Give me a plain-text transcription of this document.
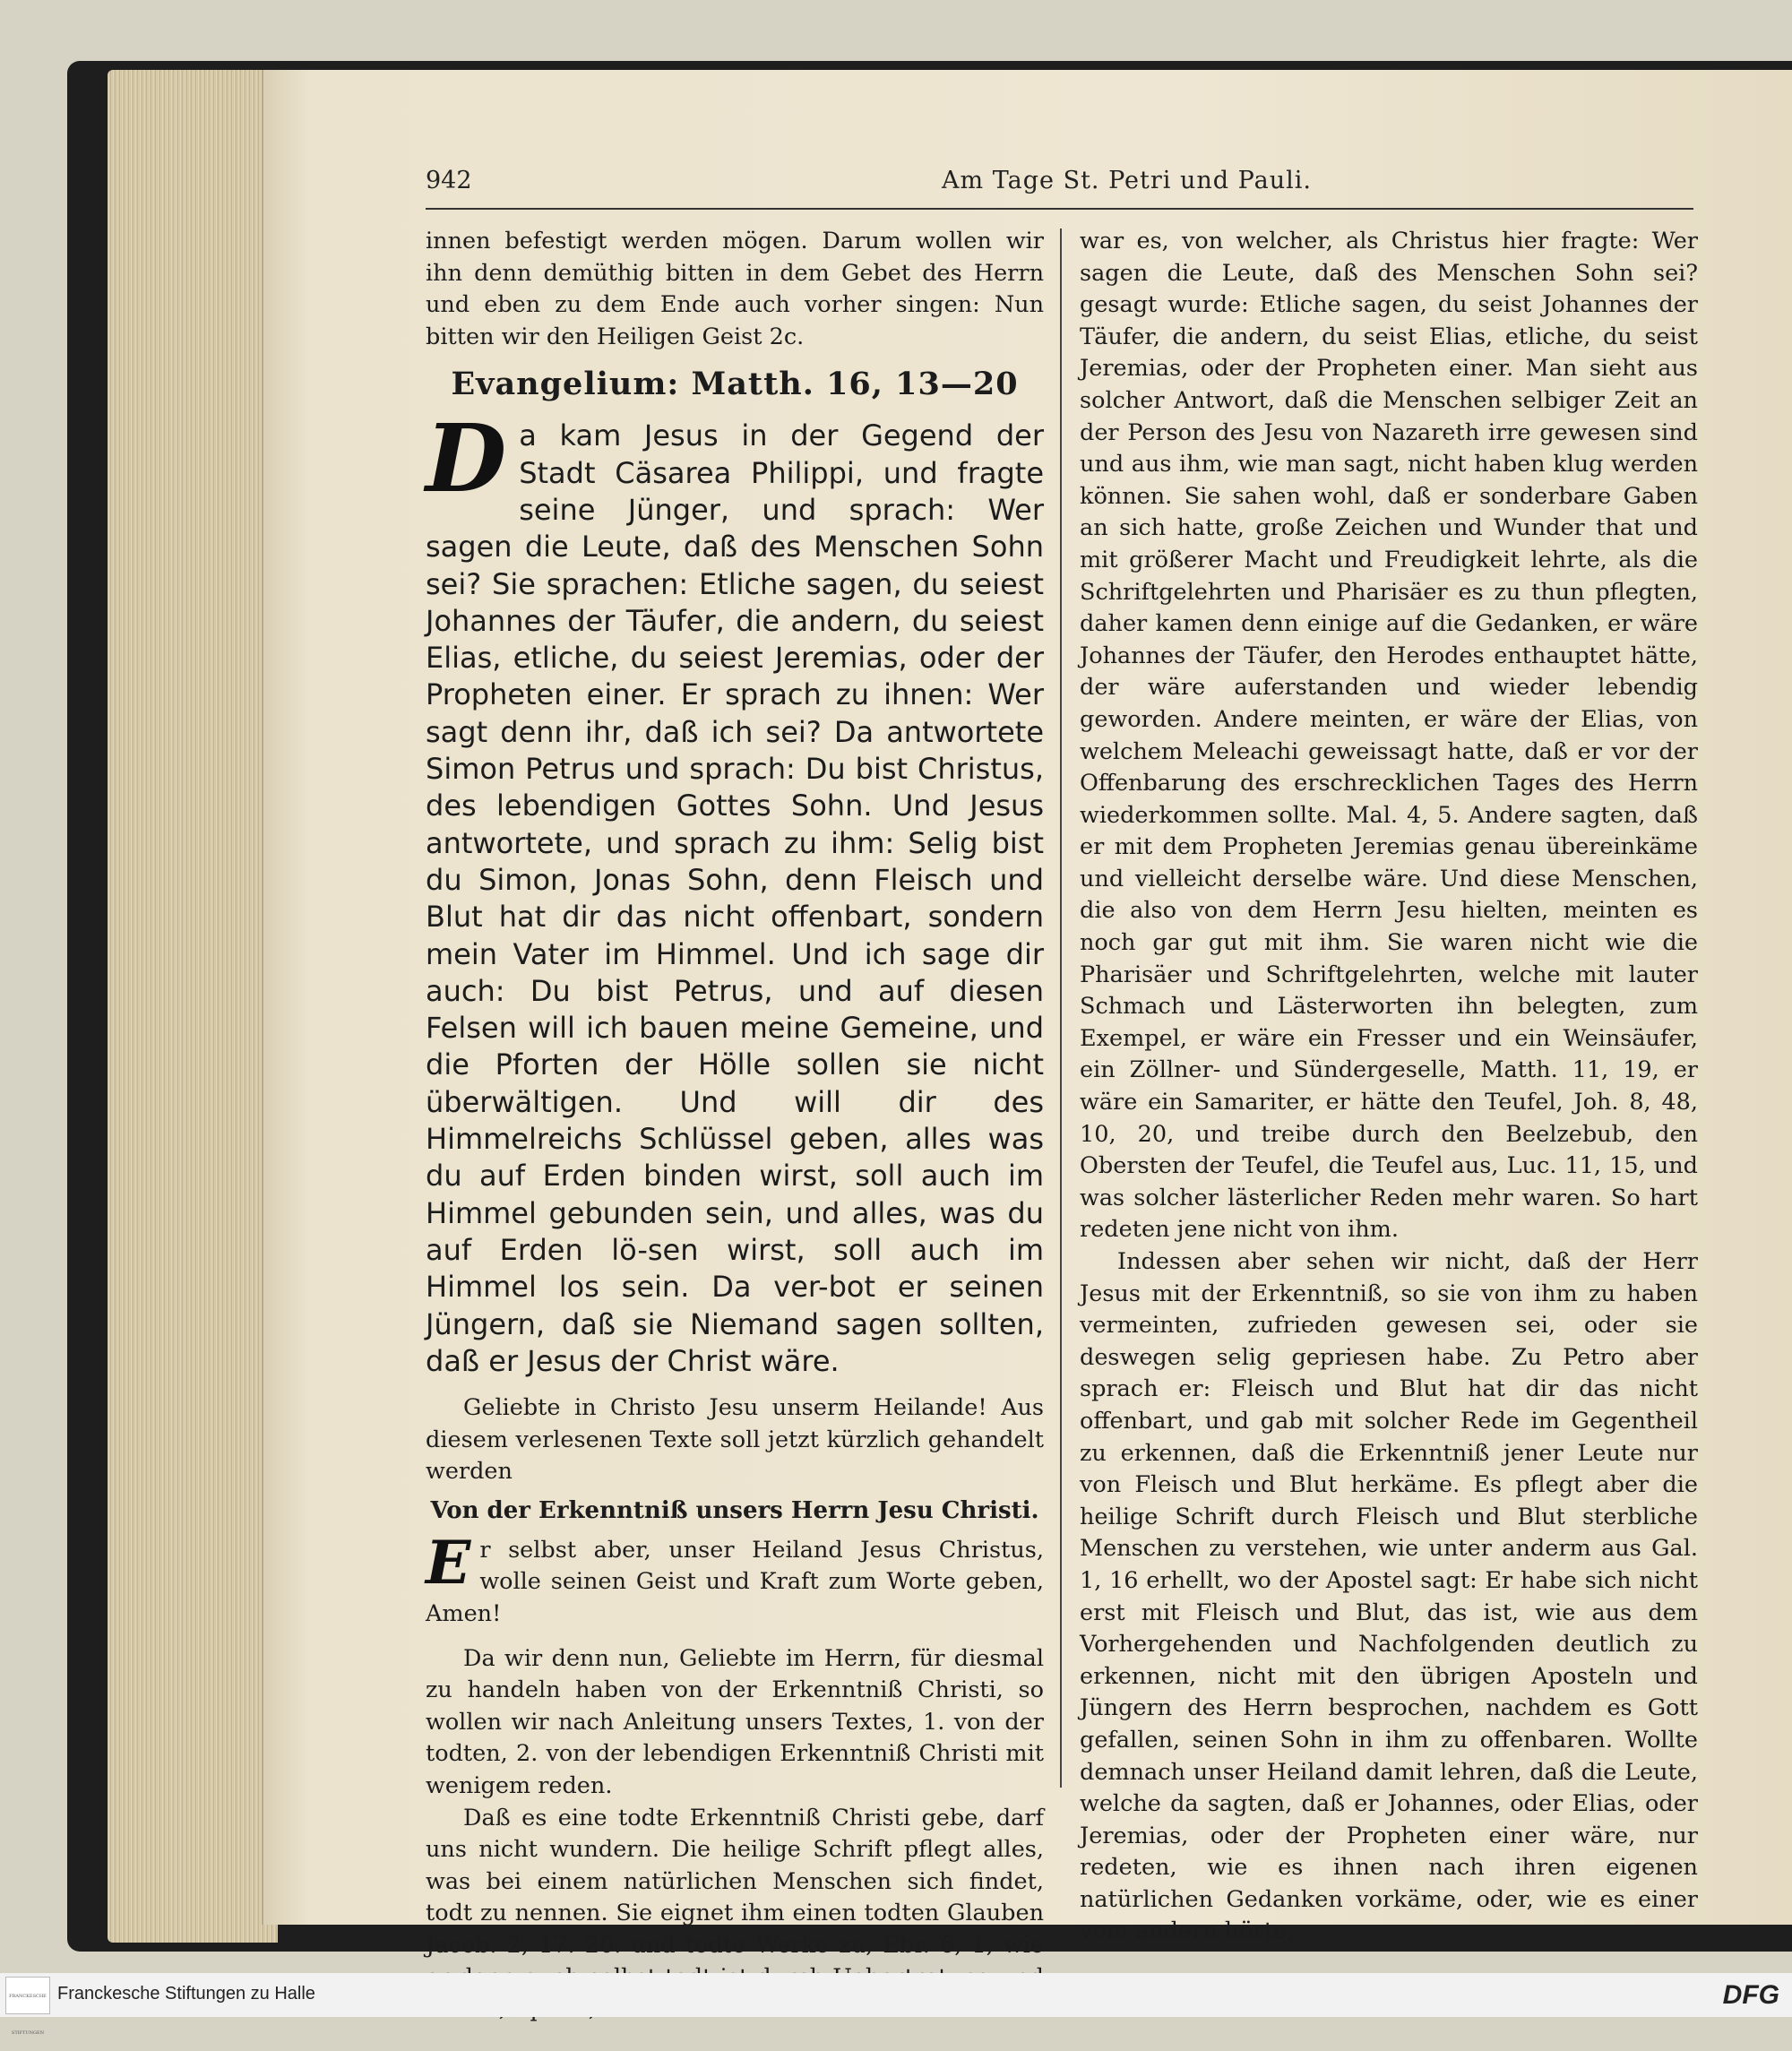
942	Am Tage St. Petri und Pauli.

innen befestigt werden mögen. Darum wollen wir ihn denn demüthig bitten in dem Gebet des Herrn und eben zu dem Ende auch vorher singen: Nun bitten wir den Heiligen Geist 2c.

Evangelium: Matth. 16, 13—20

Da kam Jesus in der Gegend der Stadt Cäsarea Philippi, und fragte seine Jünger, und sprach: Wer sagen die Leute, daß des Menschen Sohn sei? Sie sprachen: Etliche sagen, du seiest Johannes der Täufer, die andern, du seiest Elias, etliche, du seiest Jeremias, oder der Propheten einer. Er sprach zu ihnen: Wer sagt denn ihr, daß ich sei? Da antwortete Simon Petrus und sprach: Du bist Christus, des lebendigen Gottes Sohn. Und Jesus antwortete, und sprach zu ihm: Selig bist du Simon, Jonas Sohn, denn Fleisch und Blut hat dir das nicht offenbart, sondern mein Vater im Himmel. Und ich sage dir auch: Du bist Petrus, und auf diesen Felsen will ich bauen meine Gemeine, und die Pforten der Hölle sollen sie nicht überwältigen. Und will dir des Himmelreichs Schlüssel geben, alles was du auf Erden binden wirst, soll auch im Himmel gebunden sein, und alles, was du auf Erden lö-sen wirst, soll auch im Himmel los sein. Da ver-bot er seinen Jüngern, daß sie Niemand sagen sollten, daß er Jesus der Christ wäre.

Geliebte in Christo Jesu unserm Heilande! Aus diesem verlesenen Texte soll jetzt kürzlich gehandelt werden

Von der Erkenntniß unsers Herrn Jesu Christi.

Er selbst aber, unser Heiland Jesus Christus, wolle seinen Geist und Kraft zum Worte geben, Amen!

Da wir denn nun, Geliebte im Herrn, für diesmal zu handeln haben von der Erkenntniß Christi, so wollen wir nach Anleitung unsers Textes, 1. von der todten, 2. von der lebendigen Erkenntniß Christi mit wenigem reden.

Daß es eine todte Erkenntniß Christi gebe, darf uns nicht wundern. Die heilige Schrift pflegt alles, was bei einem natürlichen Menschen sich findet, todt zu nennen. Sie eignet ihm einen todten Glauben Jacob. 2, 17. 20. und todte Werke zu, Ebr. 6, 1, wie

war es, von welcher, als Christus hier fragte: Wer sagen die Leute, daß des Menschen Sohn sei? gesagt wurde: Etliche sagen, du seist Johannes der Täufer, die andern, du seist Elias, etliche, du seist Jeremias, oder der Propheten einer. Man sieht aus solcher Antwort, daß die Menschen selbiger Zeit an der Person des Jesu von Nazareth irre gewesen sind und aus ihm, wie man sagt, nicht haben klug werden können. Sie sahen wohl, daß er sonderbare Gaben an sich hatte, große Zeichen und Wunder that und mit größerer Macht und Freudigkeit lehrte, als die Schriftgelehrten und Pharisäer es zu thun pflegten, daher kamen denn einige auf die Gedanken, er wäre Johannes der Täufer, den Herodes enthauptet hätte, der wäre auferstanden und wieder lebendig geworden. Andere meinten, er wäre der Elias, von welchem Meleachi geweissagt hatte, daß er vor der Offenbarung des erschrecklichen Tages des Herrn wiederkommen sollte. Mal. 4, 5. Andere sagten, daß er mit dem Propheten Jeremias genau übereinkäme und vielleicht derselbe wäre. Und diese Menschen, die also von dem Herrn Jesu hielten, meinten es noch gar gut mit ihm. Sie waren nicht wie die Pharisäer und Schriftgelehrten, welche mit lauter Schmach und Lästerworten ihn belegten, zum Exempel, er wäre ein Fresser und ein Weinsäufer, ein Zöllner- und Sündergeselle, Matth. 11, 19, er wäre ein Samariter, er hätte den Teufel, Joh. 8, 48, 10, 20, und treibe durch den Beelzebub, den Obersten der Teufel, die Teufel aus, Luc. 11, 15, und was solcher lästerlicher Reden mehr waren. So hart redeten jene nicht von ihm.

Indessen aber sehen wir nicht, daß der Herr Jesus mit der Erkenntniß, so sie von ihm zu haben vermeinten, zufrieden gewesen sei, oder sie deswegen selig gepriesen habe. Zu Petro aber sprach er: Fleisch und Blut hat dir das nicht offenbart, und gab mit solcher Rede im Gegentheil zu erkennen, daß die Erkenntniß jener Leute nur von Fleisch und Blut herkäme. Es pflegt aber die heilige Schrift durch Fleisch und Blut sterbliche Menschen zu verstehen, wie unter anderm aus Gal. 1, 16 erhellt, wo der Apostel sagt: Er habe sich nicht erst mit Fleisch und Blut, das ist, wie aus dem Vorhergehenden und Nachfolgenden deutlich zu erkennen, nicht mit den übrigen Aposteln und Jüngern des Herrn besprochen, nachdem es Gott gefallen, seinen Sohn in ihm zu offenbaren. Wollte demnach unser Heiland damit lehren, daß die Leute, welche da sagten, daß er Johannes, oder Elias, oder Jeremias, oder der Propheten einer wäre, nur redeten, wie es ihnen nach ihren eigenen natürlichen Gedanken vorkäme, oder, wie es einer vom andern hörte,

FRANCKESCHE STIFTUNGEN
Franckesche Stiftungen zu Halle	DFG
